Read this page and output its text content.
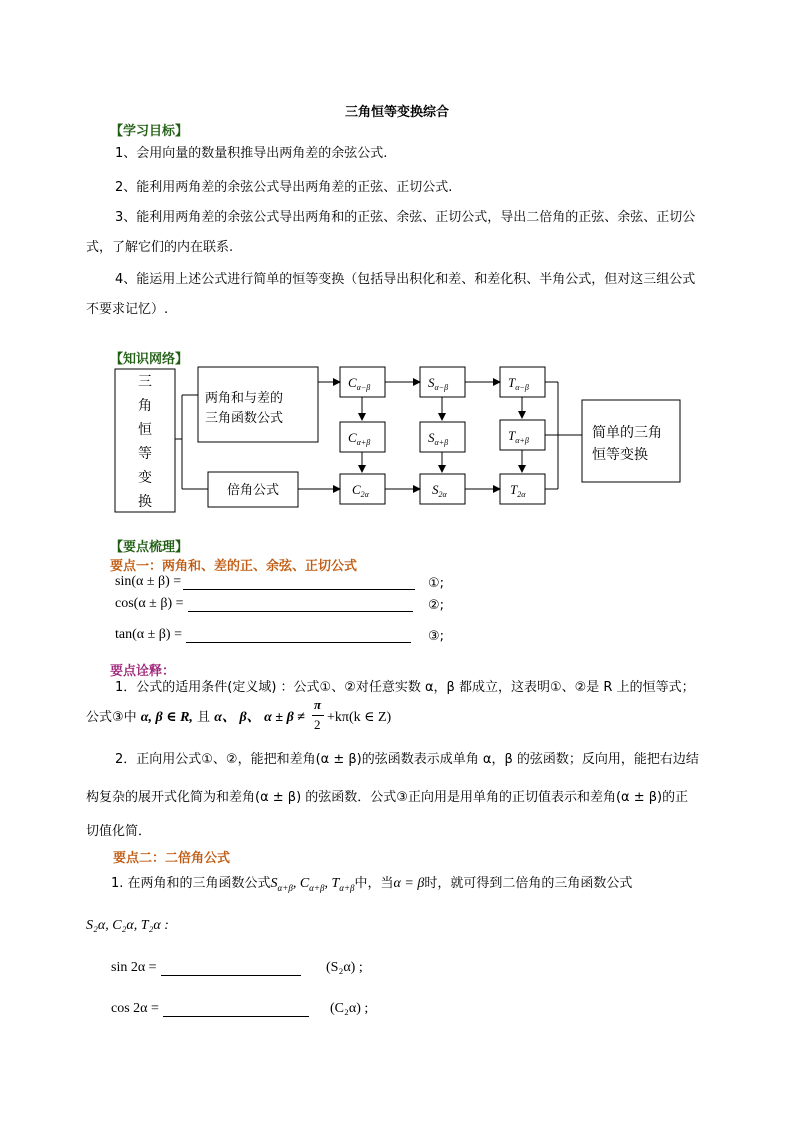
三角恒等变换综合
【学习目标】
1、会用向量的数量积推导出两角差的余弦公式.
2、能利用两角差的余弦公式导出两角差的正弦、正切公式.
3、能利用两角差的余弦公式导出两角和的正弦、余弦、正切公式，导出二倍角的正弦、余弦、正切公
式，了解它们的内在联系.
4、能运用上述公式进行简单的恒等变换（包括导出积化和差、和差化积、半角公式，但对这三组公式
不要求记忆）.
【知识网络】
三
角
恒
等
变
换
两角和与差的
三角函数公式
倍角公式
$C_{\alpha-\beta}$
$C_{\alpha+\beta}$
$C_{2\alpha}$
$S_{\alpha-\beta}$
$S_{\alpha+\beta}$
$S_{2\alpha}$
$T_{\alpha-\beta}$
$T_{\alpha+\beta}$
$T_{2\alpha}$
简单的三角
恒等变换
【要点梳理】
要点一：两角和、差的正、余弦、正切公式
sin(α ± β) =	①;
cos(α ± β) =	②;
tan(α ± β) =	③;
要点诠释：
1．公式的适用条件(定义域) ：公式①、②对任意实数 α，β 都成立，这表明①、②是 R 上的恒等式；
公式③中 α, β ∈ R, 且 α、 β、 α ± β ≠
π
2 +kπ(k ∈ Z)
2．正向用公式①、②，能把和差角(α ± β)的弦函数表示成单角 α，β 的弦函数；反向用，能把右边结
构复杂的展开式化简为和差角(α ± β) 的弦函数．公式③正向用是用单角的正切值表示和差角(α ± β)的正
切值化简．
要点二：二倍角公式
1. 在两角和的三角函数公式$S_{\alpha+\beta}$, $C_{\alpha+\beta}$, $T_{\alpha+\beta}$中，当α = β时，就可得到二倍角的三角函数公式
S₂α, C₂α, T₂α :
sin 2α =	(S₂α) ;
cos 2α =	(C₂α) ;
